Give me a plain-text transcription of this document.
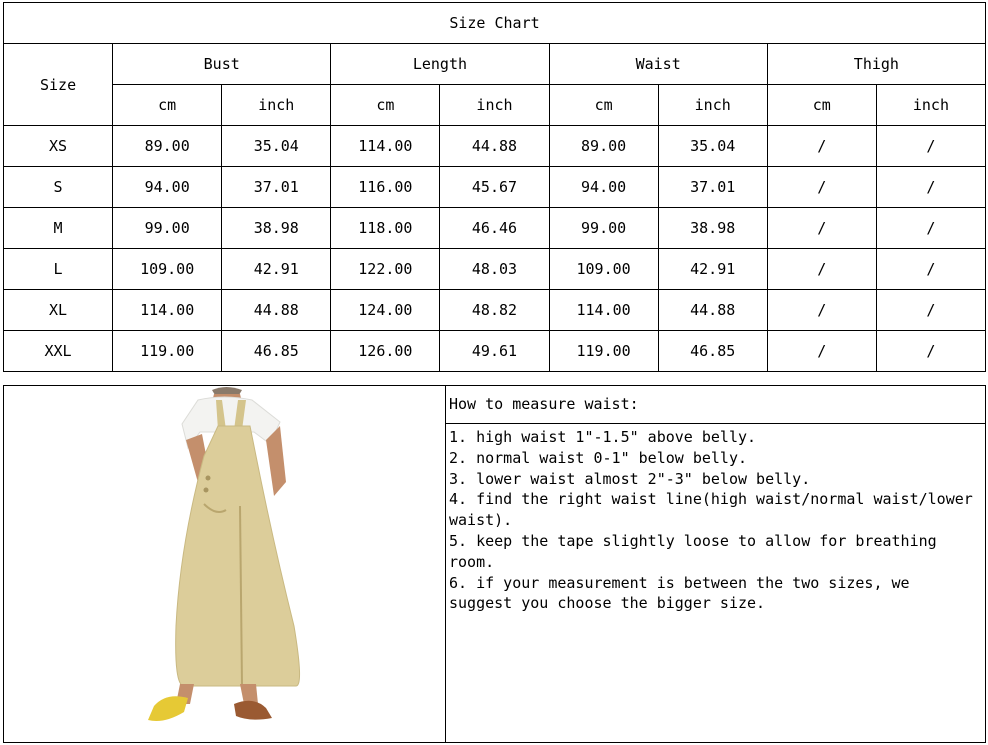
Size Chart								
Size	Bust		Length		Waist		Thigh	
	cm	inch	cm	inch	cm	inch	cm	inch
XS	89.00	35.04	114.00	44.88	89.00	35.04	/	/
S	94.00	37.01	116.00	45.67	94.00	37.01	/	/
M	99.00	38.98	118.00	46.46	99.00	38.98	/	/
L	109.00	42.91	122.00	48.03	109.00	42.91	/	/
XL	114.00	44.88	124.00	48.82	114.00	44.88	/	/
XXL	119.00	46.85	126.00	49.61	119.00	46.85	/	/
How to measure waist:
1. high waist 1"-1.5" above belly.
2. normal waist 0-1" below belly.
3. lower waist almost 2"-3" below belly.
4. find the right waist line(high waist/normal waist/lower waist).
5. keep the tape slightly loose to allow for breathing room.
6. if your measurement is between the two sizes, we suggest you choose the bigger size.
